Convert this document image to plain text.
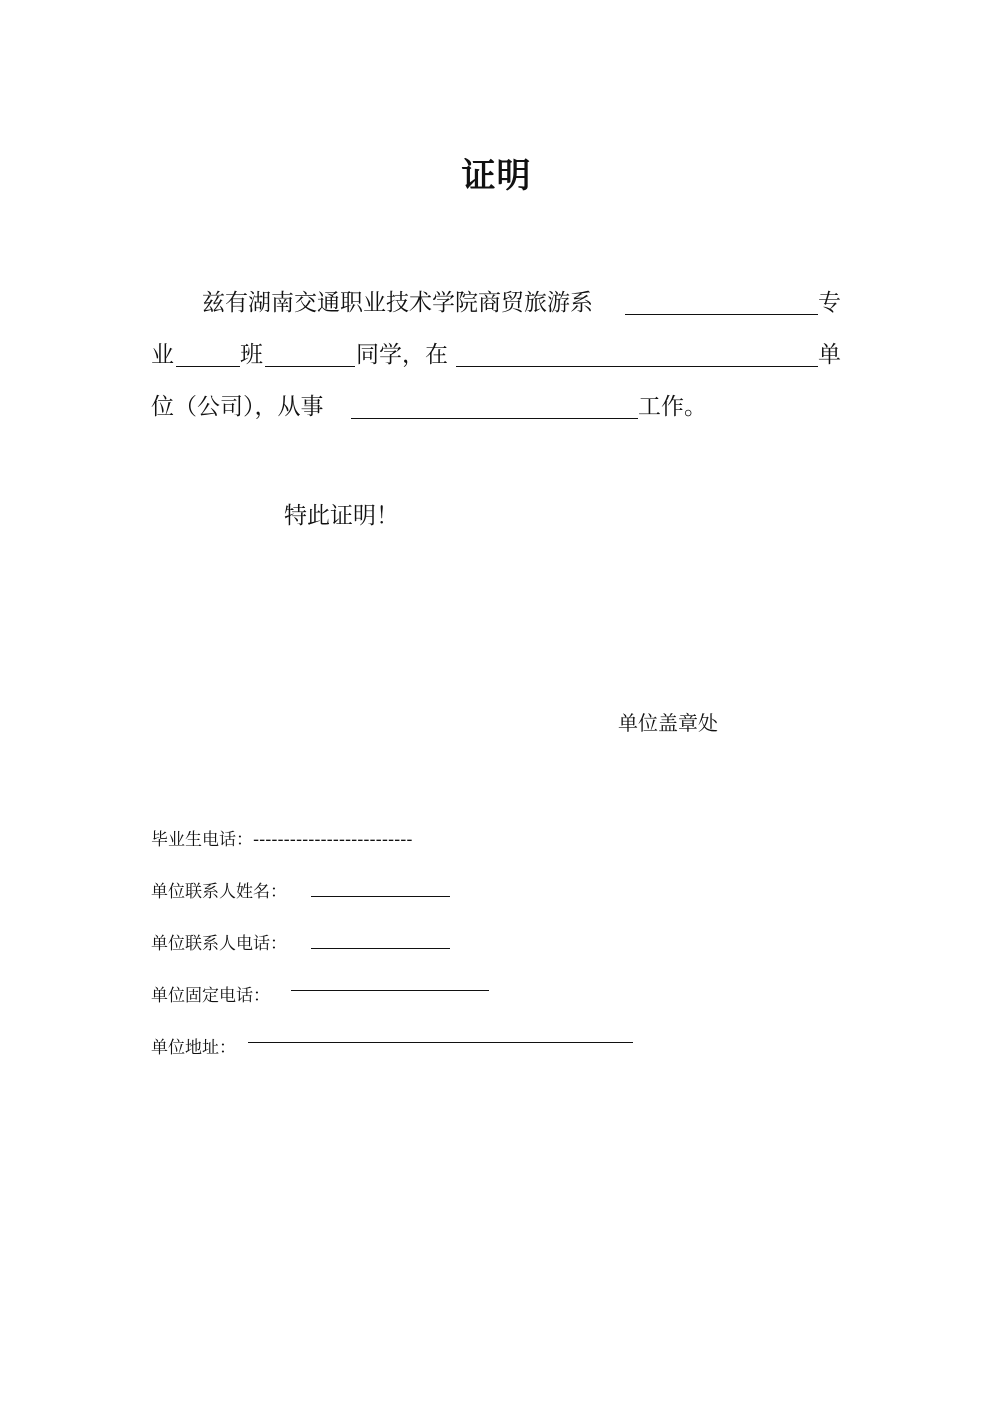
证明
兹有湖南交通职业技术学院商贸旅游系	专
业	班	同学，在	单
位（公司），从事	工作。
特此证明！
单位盖章处
毕业生电话：--------------------------
单位联系人姓名：
单位联系人电话：
单位固定电话：
单位地址：
